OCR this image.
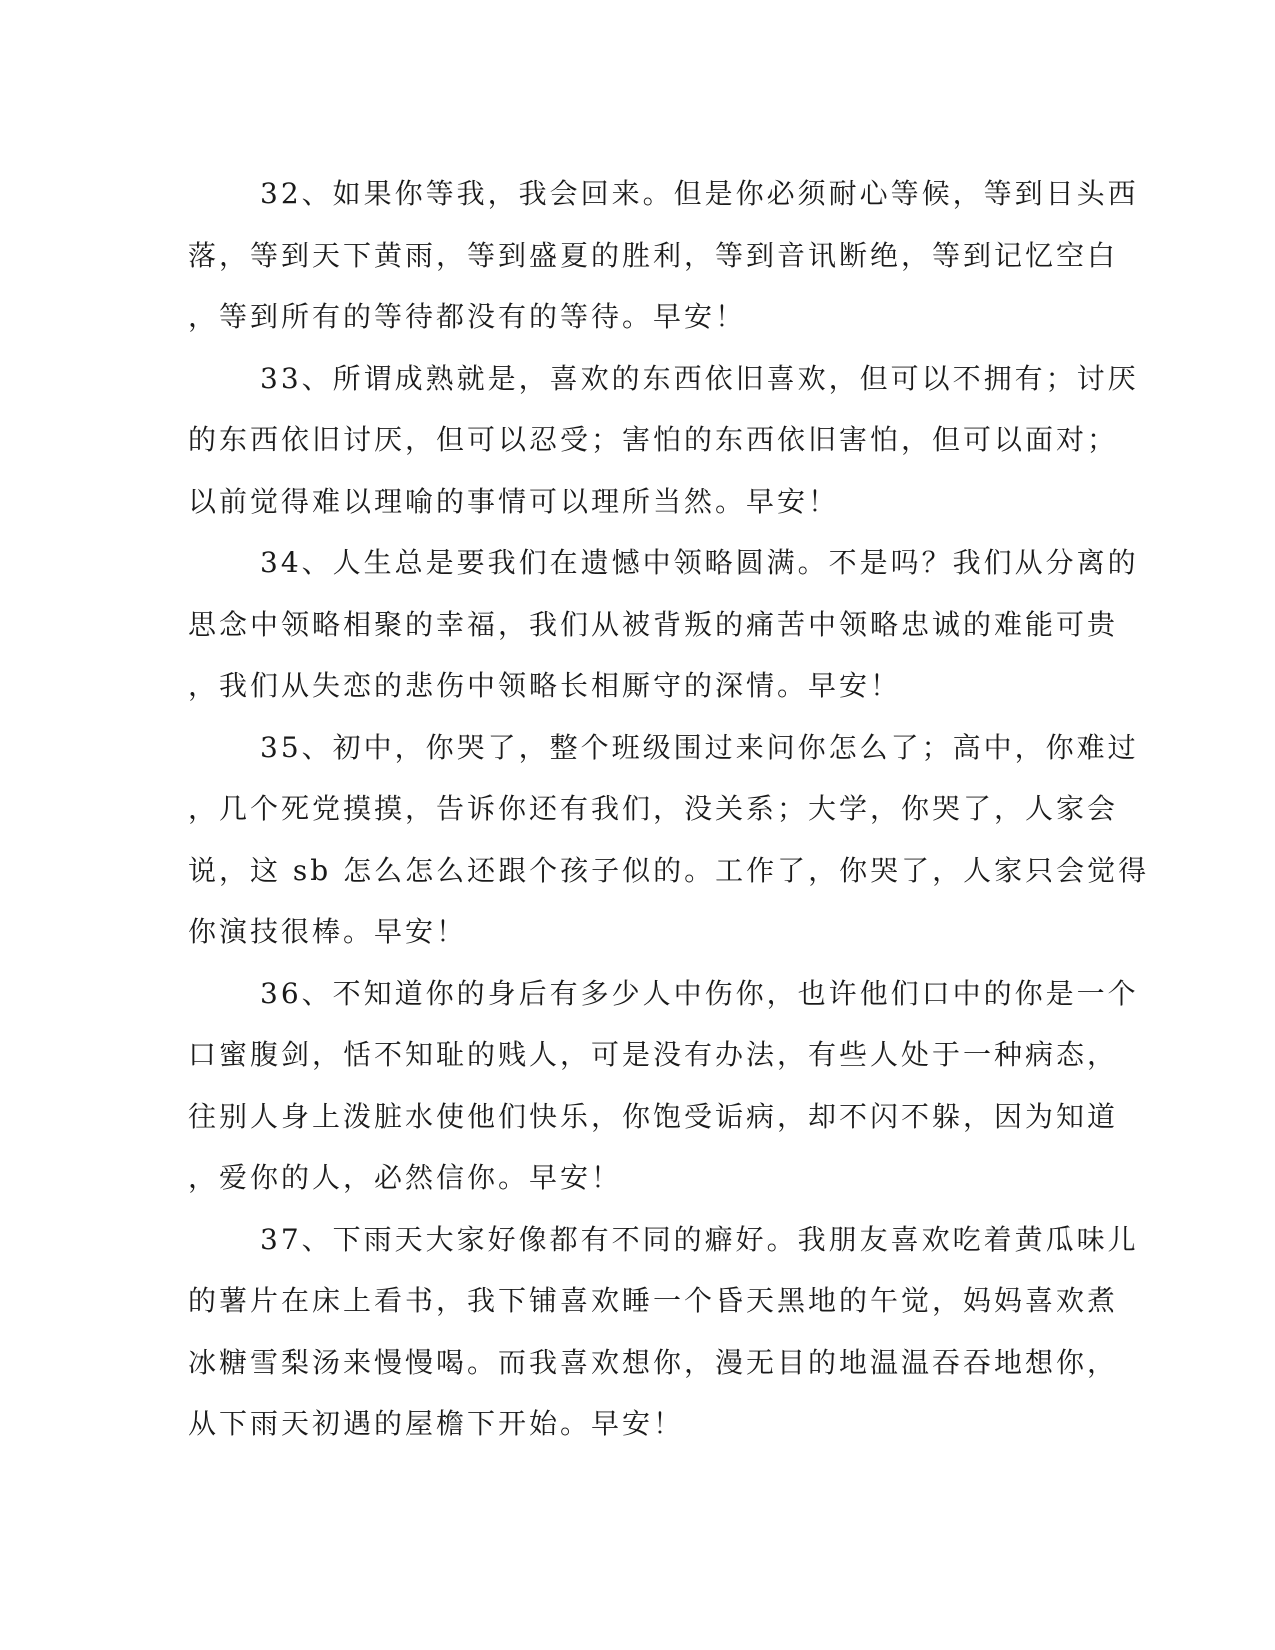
32、如果你等我，我会回来。但是你必须耐心等候，等到日头西
落，等到天下黄雨，等到盛夏的胜利，等到音讯断绝，等到记忆空白
，等到所有的等待都没有的等待。早安！

33、所谓成熟就是，喜欢的东西依旧喜欢，但可以不拥有；讨厌
的东西依旧讨厌，但可以忍受；害怕的东西依旧害怕，但可以面对；
以前觉得难以理喻的事情可以理所当然。早安！

34、人生总是要我们在遗憾中领略圆满。不是吗？我们从分离的
思念中领略相聚的幸福，我们从被背叛的痛苦中领略忠诚的难能可贵
，我们从失恋的悲伤中领略长相厮守的深情。早安！

35、初中，你哭了，整个班级围过来问你怎么了；高中，你难过
，几个死党摸摸，告诉你还有我们，没关系；大学，你哭了，人家会
说，这 sb 怎么怎么还跟个孩子似的。工作了，你哭了，人家只会觉得
你演技很棒。早安！

36、不知道你的身后有多少人中伤你，也许他们口中的你是一个
口蜜腹剑，恬不知耻的贱人，可是没有办法，有些人处于一种病态，
往别人身上泼脏水使他们快乐，你饱受诟病，却不闪不躲，因为知道
，爱你的人，必然信你。早安！

37、下雨天大家好像都有不同的癖好。我朋友喜欢吃着黄瓜味儿
的薯片在床上看书，我下铺喜欢睡一个昏天黑地的午觉，妈妈喜欢煮
冰糖雪梨汤来慢慢喝。而我喜欢想你，漫无目的地温温吞吞地想你，
从下雨天初遇的屋檐下开始。早安！
